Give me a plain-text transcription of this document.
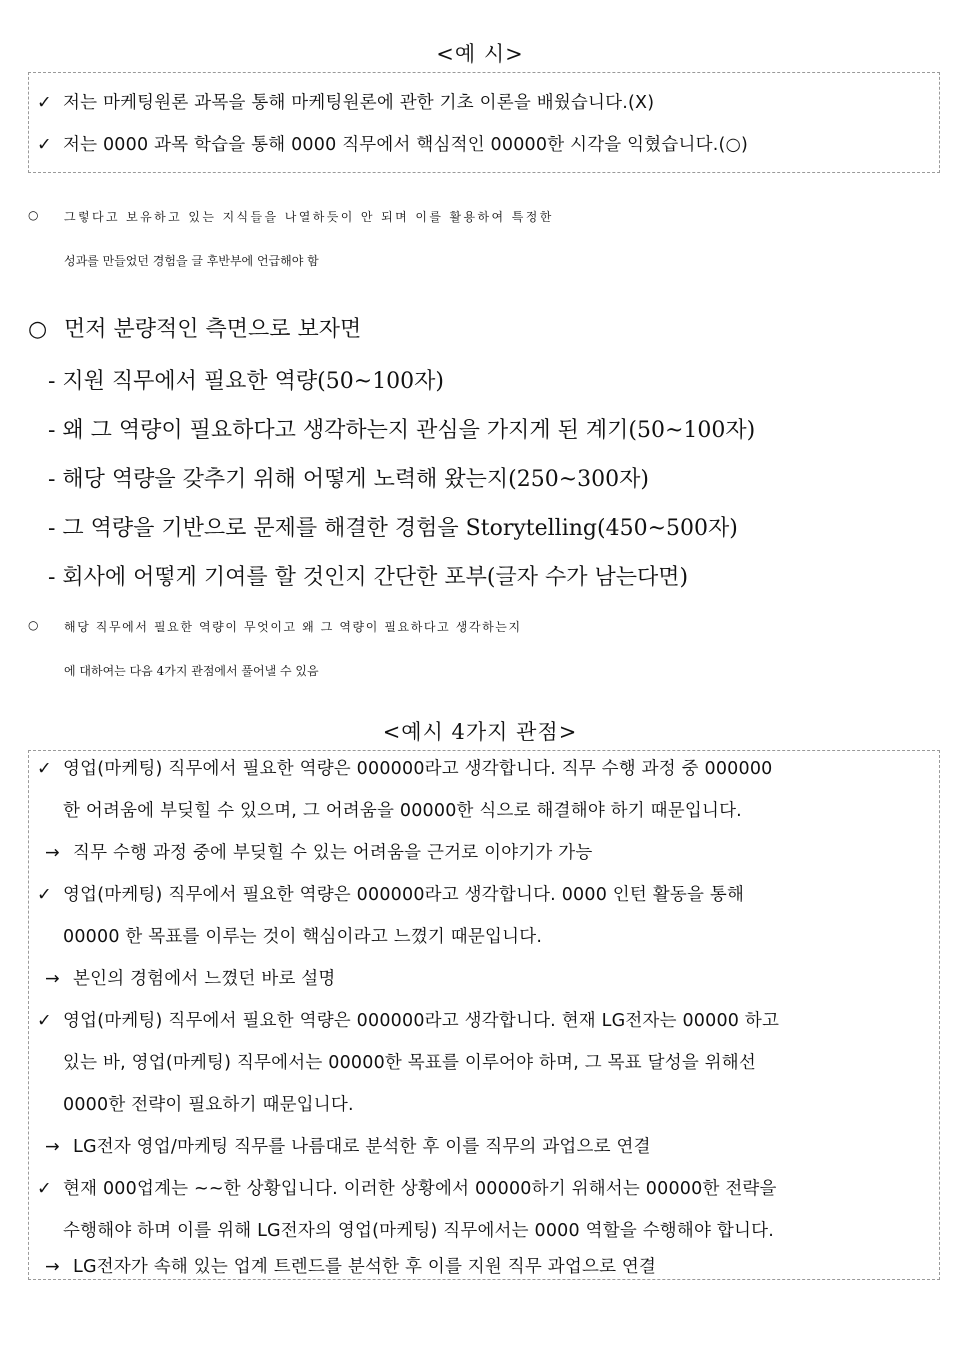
<예 시>
✓ 저는 마케팅원론 과목을 통해 마케팅원론에 관한 기초 이론을 배웠습니다.(X)
✓ 저는 0000 과목 학습을 통해 0000 직무에서 핵심적인 00000한 시각을 익혔습니다.(○)
○	그렇다고 보유하고 있는 지식들을 나열하듯이 안 되며 이를 활용하여 특정한
성과를 만들었던 경험을 글 후반부에 언급해야 함
○ 먼저 분량적인 측면으로 보자면
- 지원 직무에서 필요한 역량(50~100자)
- 왜 그 역량이 필요하다고 생각하는지 관심을 가지게 된 계기(50~100자)
- 해당 역량을 갖추기 위해 어떻게 노력해 왔는지(250~300자)
- 그 역량을 기반으로 문제를 해결한 경험을 Storytelling(450~500자)
- 회사에 어떻게 기여를 할 것인지 간단한 포부(글자 수가 남는다면)
○	해당 직무에서 필요한 역량이 무엇이고 왜 그 역량이 필요하다고 생각하는지
에 대하여는 다음 4가지 관점에서 풀어낼 수 있음
<예시 4가지 관점>
✓ 영업(마케팅) 직무에서 필요한 역량은 000000라고 생각합니다. 직무 수행 과정 중 000000
한 어려움에 부딪힐 수 있으며, 그 어려움을 00000한 식으로 해결해야 하기 때문입니다.
→ 직무 수행 과정 중에 부딪힐 수 있는 어려움을 근거로 이야기가 가능
✓ 영업(마케팅) 직무에서 필요한 역량은 000000라고 생각합니다. 0000 인턴 활동을 통해
00000 한 목표를 이루는 것이 핵심이라고 느꼈기 때문입니다.
→ 본인의 경험에서 느꼈던 바로 설명
✓ 영업(마케팅) 직무에서 필요한 역량은 000000라고 생각합니다. 현재 LG전자는 00000 하고
있는 바, 영업(마케팅) 직무에서는 00000한 목표를 이루어야 하며, 그 목표 달성을 위해선
0000한 전략이 필요하기 때문입니다.
→ LG전자 영업/마케팅 직무를 나름대로 분석한 후 이를 직무의 과업으로 연결
✓ 현재 000업계는 ~~한 상황입니다. 이러한 상황에서 00000하기 위해서는 00000한 전략을
수행해야 하며 이를 위해 LG전자의 영업(마케팅) 직무에서는 0000 역할을 수행해야 합니다.
→ LG전자가 속해 있는 업계 트렌드를 분석한 후 이를 지원 직무 과업으로 연결
